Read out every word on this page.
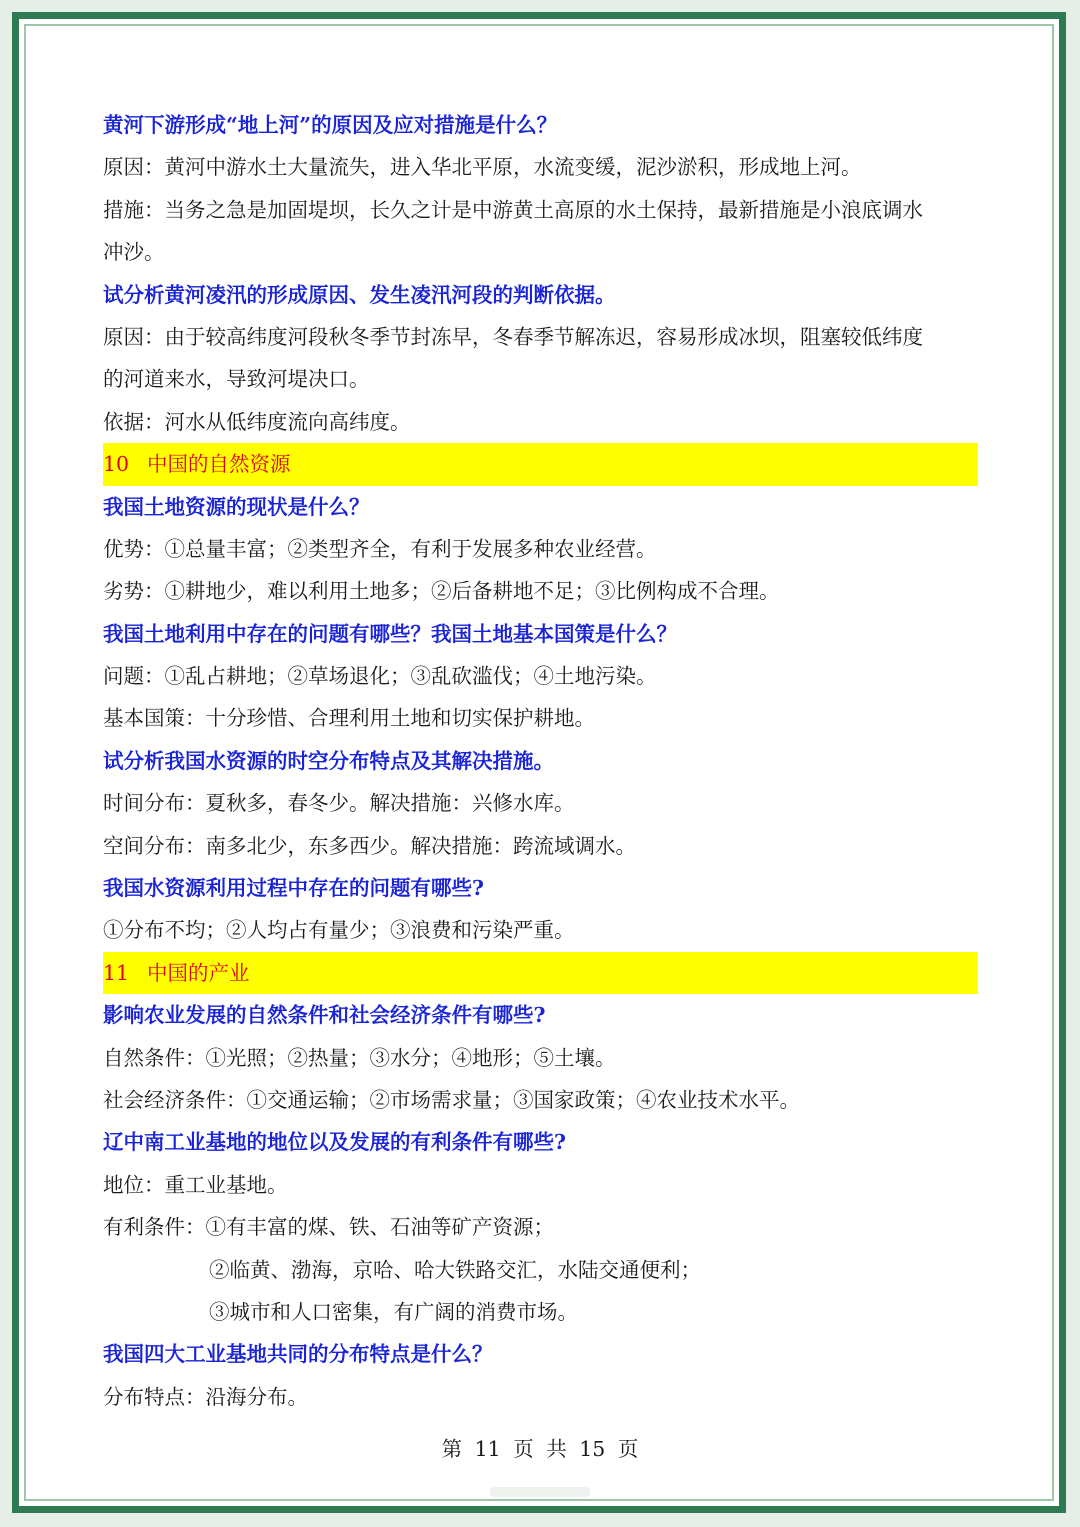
黄河下游形成“地上河”的原因及应对措施是什么？
原因：黄河中游水土大量流失，进入华北平原，水流变缓，泥沙淤积，形成地上河。
措施：当务之急是加固堤坝，长久之计是中游黄土高原的水土保持，最新措施是小浪底调水
冲沙。
试分析黄河凌汛的形成原因、发生凌汛河段的判断依据。
原因：由于较高纬度河段秋冬季节封冻早，冬春季节解冻迟，容易形成冰坝，阻塞较低纬度
的河道来水，导致河堤决口。
依据：河水从低纬度流向高纬度。
10 中国的自然资源
我国土地资源的现状是什么？
优势：①总量丰富；②类型齐全，有利于发展多种农业经营。
劣势：①耕地少，难以利用土地多；②后备耕地不足；③比例构成不合理。
我国土地利用中存在的问题有哪些？我国土地基本国策是什么？
问题：①乱占耕地；②草场退化；③乱砍滥伐；④土地污染。
基本国策：十分珍惜、合理利用土地和切实保护耕地。
试分析我国水资源的时空分布特点及其解决措施。
时间分布：夏秋多，春冬少。解决措施：兴修水库。
空间分布：南多北少，东多西少。解决措施：跨流域调水。
我国水资源利用过程中存在的问题有哪些?
①分布不均；②人均占有量少；③浪费和污染严重。
11 中国的产业
影响农业发展的自然条件和社会经济条件有哪些?
自然条件：①光照；②热量；③水分；④地形；⑤土壤。
社会经济条件：①交通运输；②市场需求量；③国家政策；④农业技术水平。
辽中南工业基地的地位以及发展的有利条件有哪些?
地位：重工业基地。
有利条件：①有丰富的煤、铁、石油等矿产资源；
②临黄、渤海，京哈、哈大铁路交汇，水陆交通便利；
③城市和人口密集，有广阔的消费市场。
我国四大工业基地共同的分布特点是什么？
分布特点：沿海分布。
第 11 页 共 15 页
